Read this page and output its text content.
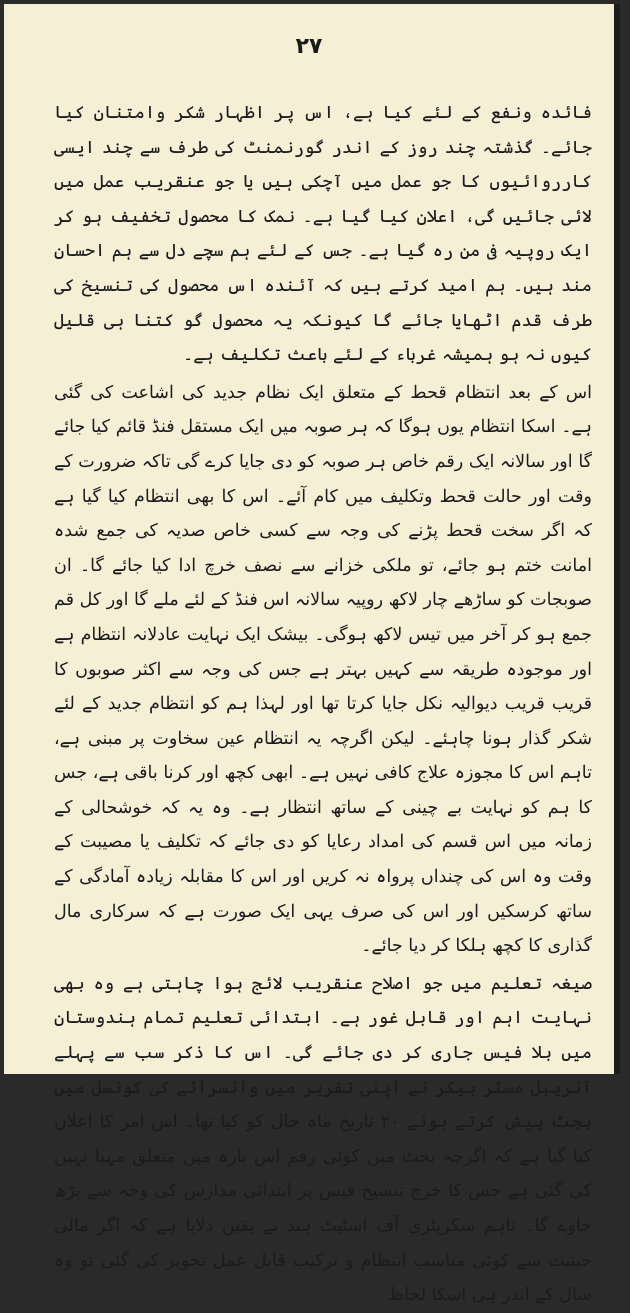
۲۷

فائدہ ونفع کے لئے کیا ہے، اس پر اظہار شکر وامتنان کیا جائے۔ گذشتہ چند روز کے اندر گورنمنٹ کی طرف سے چند ایسی کارروائیوں کا جو عمل میں آچکی ہیں یا جو عنقریب عمل میں لائی جائیں گی، اعلان کیا گیا ہے۔ نمک کا محصول تخفیف ہو کر ایک روپیہ فی من رہ گیا ہے۔ جس کے لئے ہم سچے دل سے ہم احسان مند ہیں۔ ہم امید کرتے ہیں کہ آئندہ اس محصول کی تنسیخ کی طرف قدم اٹھایا جائے گا کیونکہ یہ محصول گو کتنا ہی قلیل کیوں نہ ہو ہمیشہ غرباء کے لئے باعث تکلیف ہے۔

اس کے بعد انتظام قحط کے متعلق ایک نظام جدید کی اشاعت کی گئی ہے۔ اسکا انتظام یوں ہوگا کہ ہر صوبہ میں ایک مستقل فنڈ قائم کیا جائے گا اور سالانہ ایک رقم خاص ہر صوبہ کو دی جایا کرے گی تاکہ ضرورت کے وقت اور حالت قحط وتکلیف میں کام آئے۔ اس کا بھی انتظام کیا گیا ہے کہ اگر سخت قحط پڑنے کی وجہ سے کسی خاص صدیہ کی جمع شدہ امانت ختم ہو جائے، تو ملکی خزانے سے نصف خرچ ادا کیا جائے گا۔ ان صوبجات کو ساڑھے چار لاکھ روپیہ سالانہ اس فنڈ کے لئے ملے گا اور کل قم جمع ہو کر آخر میں تیس لاکھ ہوگی۔ بیشک ایک نہایت عادلانہ انتظام ہے اور موجودہ طریقہ سے کہیں بہتر ہے جس کی وجہ سے اکثر صوبوں کا قریب قریب دیوالیہ نکل جایا کرتا تھا اور لہذا ہم کو انتظام جدید کے لئے شکر گذار ہونا چاہئے۔ لیکن اگرچہ یہ انتظام عین سخاوت پر مبنی ہے، تاہم اس کا مجوزہ علاج کافی نہیں ہے۔ ابھی کچھ اور کرنا باقی ہے، جس کا ہم کو نہایت بے چینی کے ساتھ انتظار ہے۔ وہ یہ کہ خوشحالی کے زمانہ میں اس قسم کی امداد رعایا کو دی جائے کہ تکلیف یا مصیبت کے وقت وہ اس کی چنداں پرواہ نہ کریں اور اس کا مقابلہ زیادہ آمادگی کے ساتھ کرسکیں اور اس کی صرف یہی ایک صورت ہے کہ سرکاری مال گذاری کا کچھ ہلکا کر دیا جائے۔

صیغہ تعلیم میں جو اصلاح عنقریب لائج ہوا چاہتی ہے وہ بھی نہایت اہم اور قابل غور ہے۔ ابتدائی تعلیم تمام ہندوستان میں بلا فیس جاری کر دی جائے گی۔ اس کا ذکر سب سے پہلے آنریبل مسٹر بیکر نے اپنی تقریر میں وائسرائے کی کونسل میں بجٹ پیش کرتے ہوئے ۲۰ تاریخ ماہ حال کو کیا تھا۔ اس امر کا اعلان کیا گیا ہے کہ اگرچہ بجٹ میں کوئی رقم اس بارہ میں متعلق مہیا نہیں کی گئی ہے جس کا خرچ تنسیخ فیس پر ابتدائی مدارس کی وجہ سے بڑھ جاوے گا۔ تاہم سکریٹری آف اسٹیٹ ہند نے یقین دلایا ہے کہ اگر مالی حیثیت سے کوئی مناسب انتظام و ترکیب قابل عمل تجویز کی گئی تو وہ سال کے اندر ہی اسکا لحاظ
